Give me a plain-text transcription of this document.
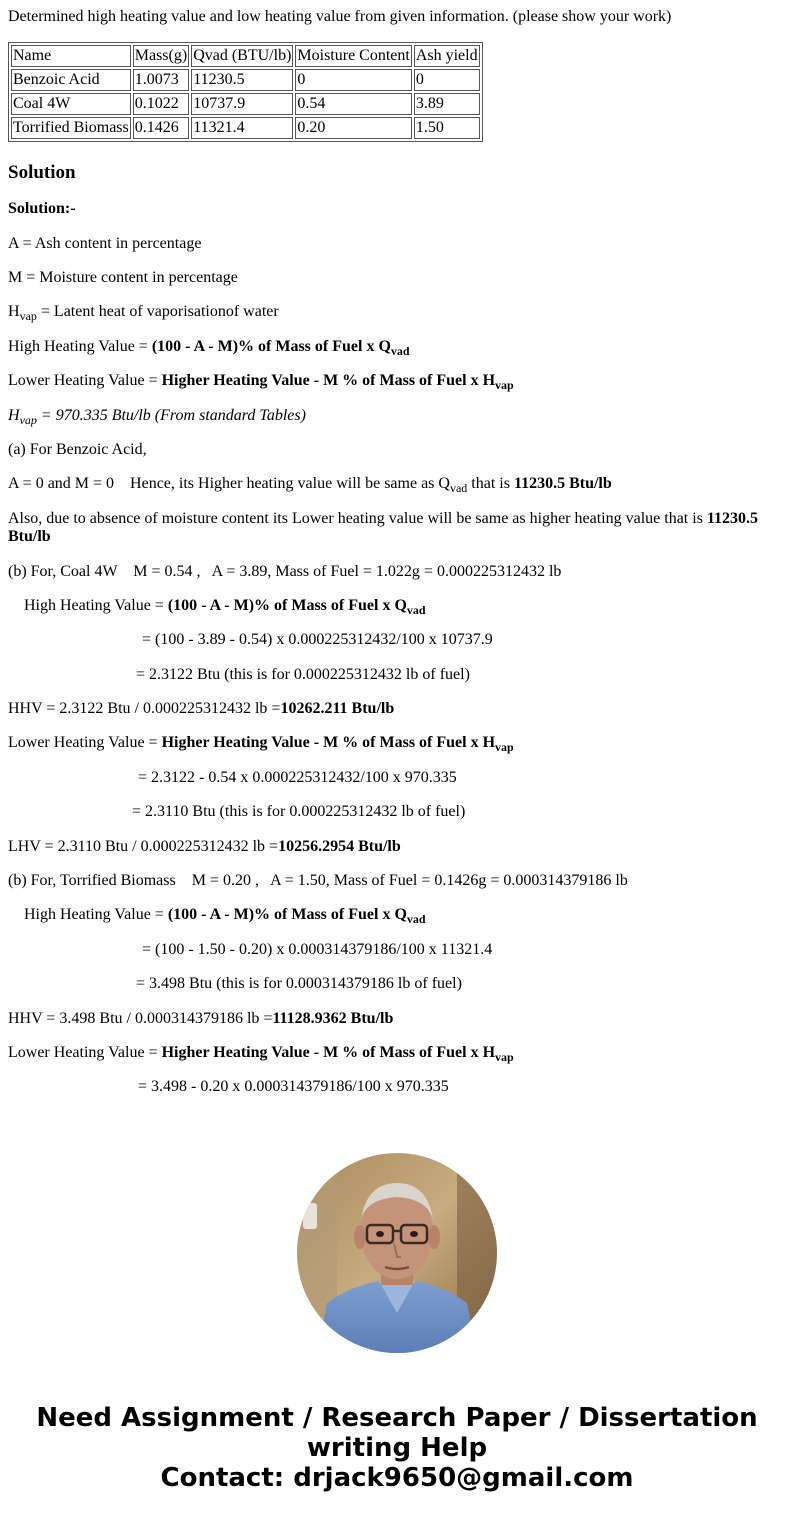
Determined high heating value and low heating value from given information. (please show your work)

Name	Mass(g)	Qvad (BTU/lb)	Moisture Content	Ash yield
Benzoic Acid	1.0073	11230.5	0	0
Coal 4W	0.1022	10737.9	0.54	3.89
Torrified Biomass	0.1426	11321.4	0.20	1.50
Solution

Solution:-

A = Ash content in percentage

M = Moisture content in percentage

$H_{vap}$ = Latent heat of vaporisationof water

High Heating Value = (100 - A - M)% of Mass of Fuel x $Q_{vad}$

Lower Heating Value = Higher Heating Value - M % of Mass of Fuel x $H_{vap}$

$H_{vap} = 970.335$ Btu/lb (From standard Tables)

(a) For Benzoic Acid,

A = 0 and M = 0    Hence, its Higher heating value will be same as $Q_{vad}$ that is 11230.5 Btu/lb

Also, due to absence of moisture content its Lower heating value will be same as higher heating value that is 11230.5 Btu/lb

(b) For, Coal 4W    M = 0.54 ,   A = 3.89, Mass of Fuel = 1.022g = 0.000225312432 lb

High Heating Value = (100 - A - M)% of Mass of Fuel x $Q_{vad}$

= (100 - 3.89 - 0.54) x 0.000225312432/100 x 10737.9

= 2.3122 Btu (this is for 0.000225312432 lb of fuel)

HHV = 2.3122 Btu / 0.000225312432 lb =10262.211 Btu/lb

Lower Heating Value = Higher Heating Value - M % of Mass of Fuel x $H_{vap}$

= 2.3122 - 0.54 x 0.000225312432/100 x 970.335

= 2.3110 Btu (this is for 0.000225312432 lb of fuel)

LHV = 2.3110 Btu / 0.000225312432 lb =10256.2954 Btu/lb

(b) For, Torrified Biomass    M = 0.20 ,   A = 1.50, Mass of Fuel = 0.1426g = 0.000314379186 lb

High Heating Value = (100 - A - M)% of Mass of Fuel x $Q_{vad}$

= (100 - 1.50 - 0.20) x 0.000314379186/100 x 11321.4

= 3.498 Btu (this is for 0.000314379186 lb of fuel)

HHV = 3.498 Btu / 0.000314379186 lb =11128.9362 Btu/lb

Lower Heating Value = Higher Heating Value - M % of Mass of Fuel x $H_{vap}$

= 3.498 - 0.20 x 0.000314379186/100 x 970.335

Need Assignment / Research Paper / Dissertation
writing Help
Contact: drjack9650@gmail.com
